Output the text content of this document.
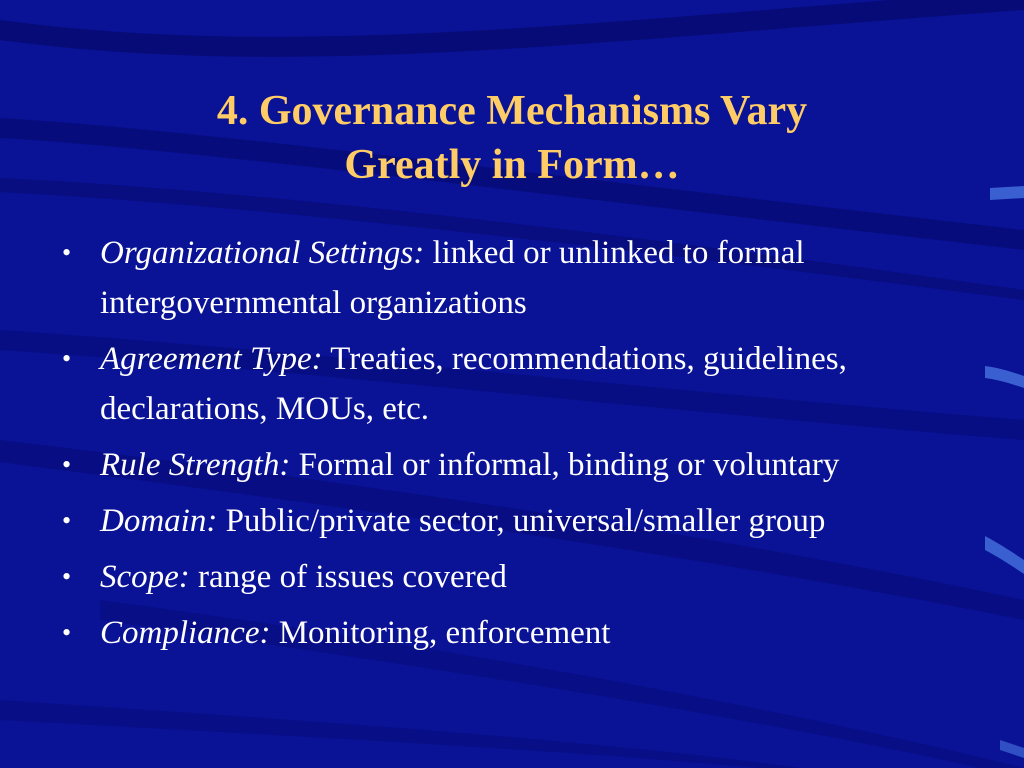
4. Governance Mechanisms Vary
Greatly in Form…
• Organizational Settings: linked or unlinked to formal intergovernmental organizations
• Agreement Type: Treaties, recommendations, guidelines, declarations, MOUs, etc.
• Rule Strength: Formal or informal, binding or voluntary
• Domain: Public/private sector, universal/smaller group
• Scope: range of issues covered
• Compliance: Monitoring, enforcement
